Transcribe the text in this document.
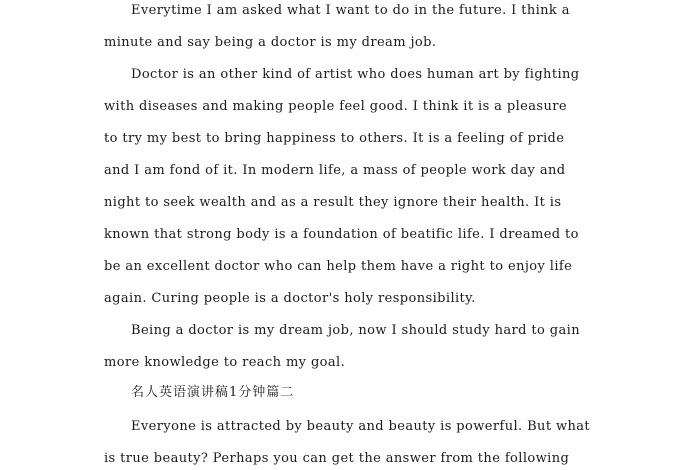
Everytime I am asked what I want to do in the future. I think a
minute and say being a doctor is my dream job.
Doctor is an other kind of artist who does human art by fighting
with diseases and making people feel good. I think it is a pleasure
to try my best to bring happiness to others. It is a feeling of pride
and I am fond of it. In modern life, a mass of people work day and
night to seek wealth and as a result they ignore their health. It is
known that strong body is a foundation of beatific life. I dreamed to
be an excellent doctor who can help them have a right to enjoy life
again. Curing people is a doctor's holy responsibility.
Being a doctor is my dream job, now I should study hard to gain
more knowledge to reach my goal.
名人英语演讲稿1分钟篇二
Everyone is attracted by beauty and beauty is powerful. But what
is true beauty? Perhaps you can get the answer from the following
